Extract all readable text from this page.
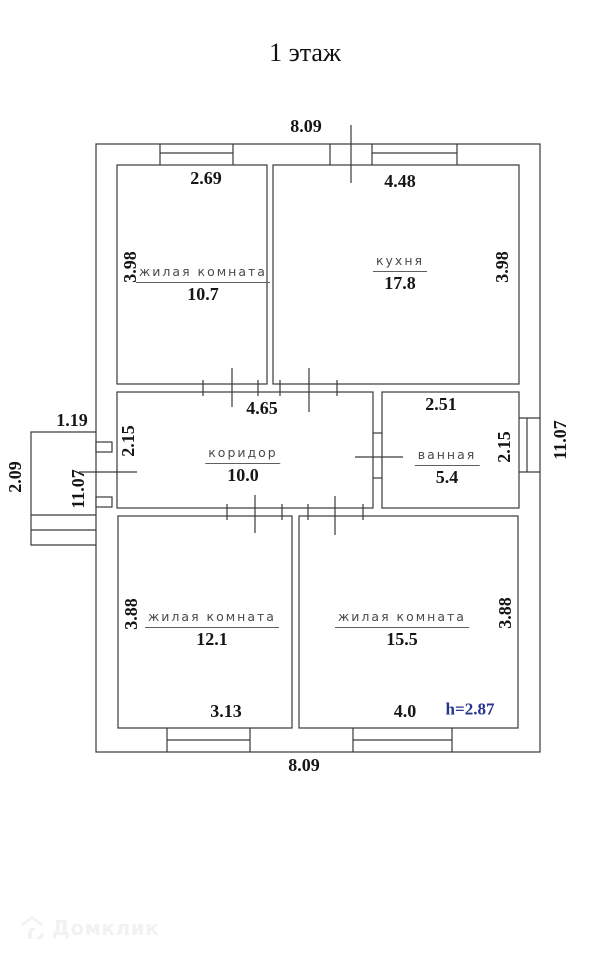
1 этаж
8.09
8.09
11.07
11.07
1.19
2.09
2.69
3.98 жилая комната
10.7
4.48
3.98
кухня
17.8
4.65
2.15	коридор
10.0
2.51
2.15
ванная
5.4
3.88 жилая комната
12.1
3.13
3.88
жилая комната
15.5
4.0 h=2.87
Домклик
